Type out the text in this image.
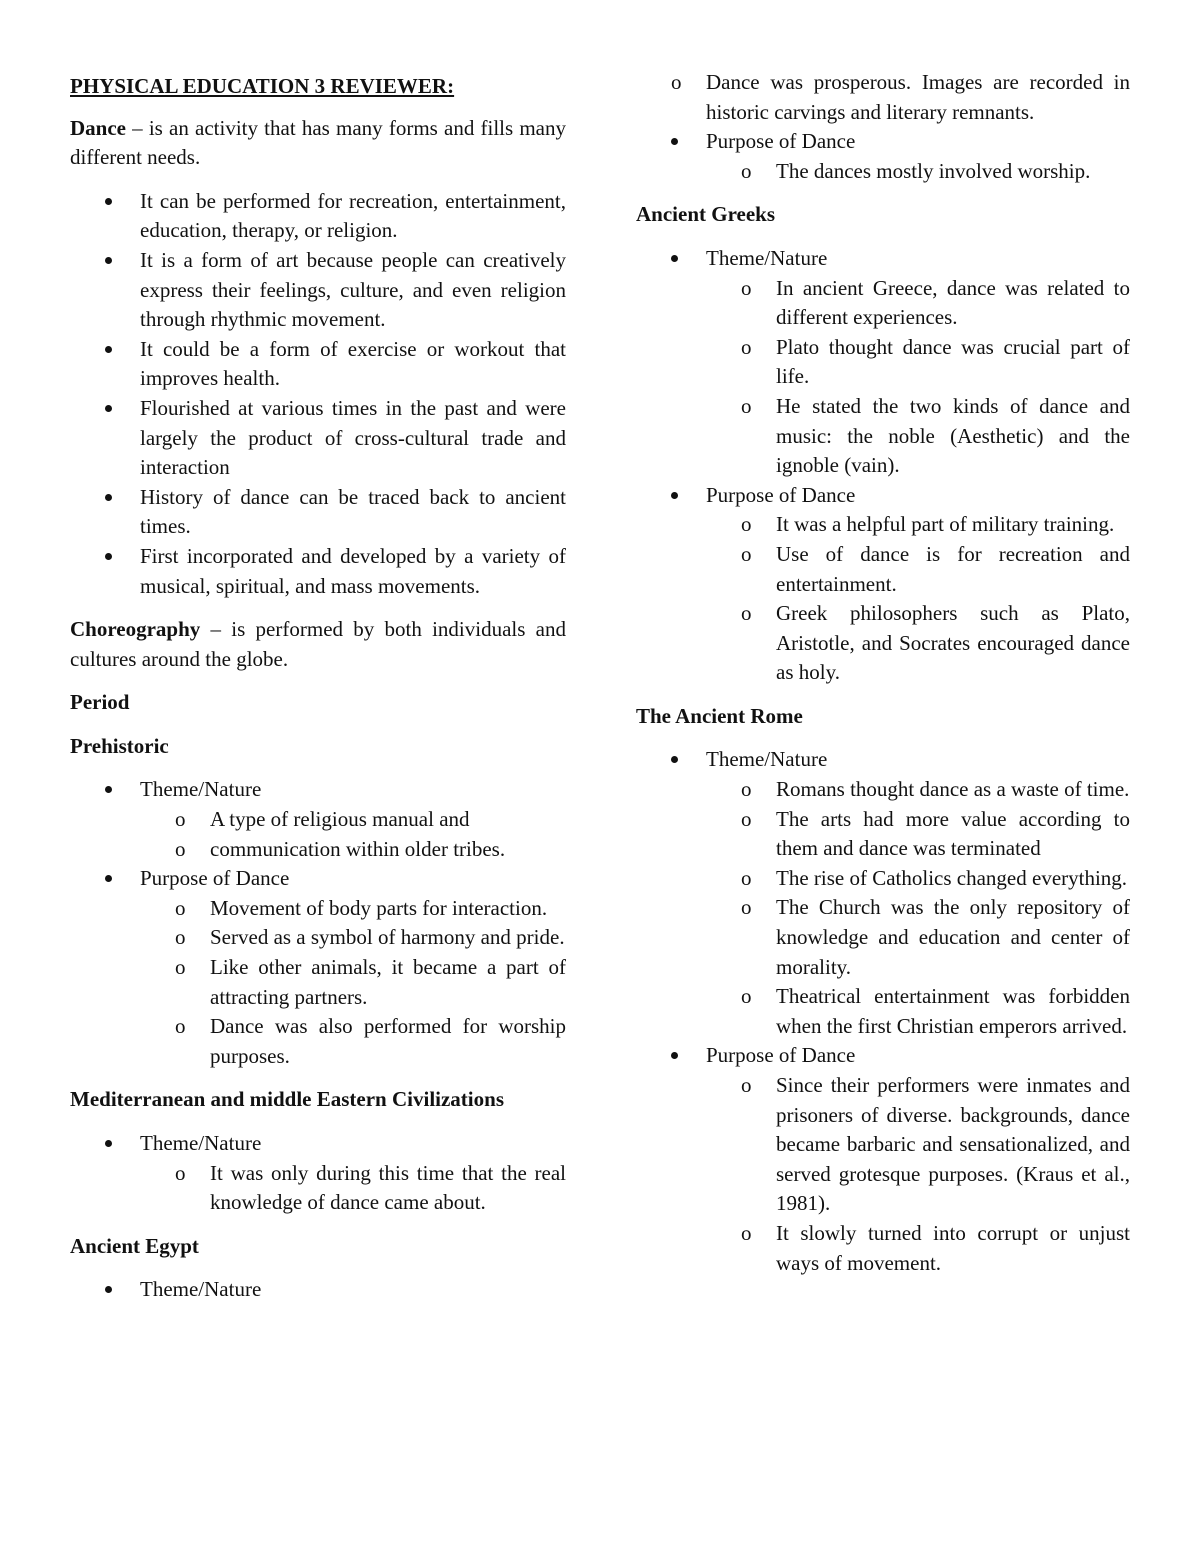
PHYSICAL EDUCATION 3 REVIEWER:

Dance – is an activity that has many forms and fills many different needs.

It can be performed for recreation, entertainment, education, therapy, or religion.
It is a form of art because people can creatively express their feelings, culture, and even religion through rhythmic movement.
It could be a form of exercise or workout that improves health.
Flourished at various times in the past and were largely the product of cross-cultural trade and interaction
History of dance can be traced back to ancient times.
First incorporated and developed by a variety of musical, spiritual, and mass movements.

Choreography – is performed by both individuals and cultures around the globe.

Period
Prehistoric
Theme/Nature
o A type of religious manual and
o communication within older tribes.
Purpose of Dance
o Movement of body parts for interaction.
o Served as a symbol of harmony and pride.
o Like other animals, it became a part of attracting partners.
o Dance was also performed for worship purposes.
Mediterranean and middle Eastern Civilizations
Theme/Nature
o It was only during this time that the real knowledge of dance came about.
Ancient Egypt
Theme/Nature
o Dance was prosperous. Images are recorded in historic carvings and literary remnants.
Purpose of Dance
o The dances mostly involved worship.
Ancient Greeks
Theme/Nature
o In ancient Greece, dance was related to different experiences.
o Plato thought dance was crucial part of life.
o He stated the two kinds of dance and music: the noble (Aesthetic) and the ignoble (vain).
Purpose of Dance
o It was a helpful part of military training.
o Use of dance is for recreation and entertainment.
o Greek philosophers such as Plato, Aristotle, and Socrates encouraged dance as holy.
The Ancient Rome
Theme/Nature
o Romans thought dance as a waste of time.
o The arts had more value according to them and dance was terminated
o The rise of Catholics changed everything.
o The Church was the only repository of knowledge and education and center of morality.
o Theatrical entertainment was forbidden when the first Christian emperors arrived.
Purpose of Dance
o Since their performers were inmates and prisoners of diverse. backgrounds, dance became barbaric and sensationalized, and served grotesque purposes. (Kraus et al., 1981).
o It slowly turned into corrupt or unjust ways of movement.
